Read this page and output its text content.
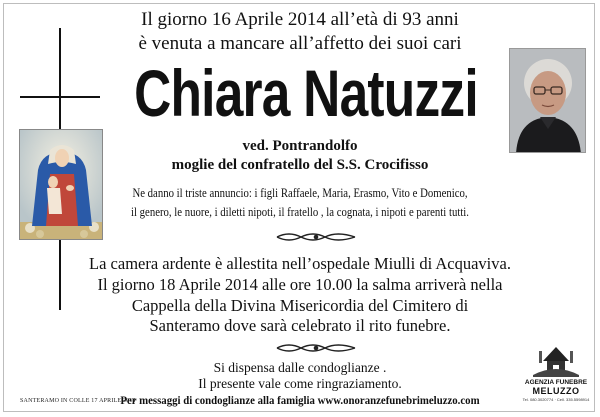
Il giorno 16 Aprile 2014 all’età di 93 anni
è venuta a mancare all’affetto dei suoi cari
Chiara Natuzzi
ved. Pontrandolfo
moglie del confratello del S.S. Crocifisso
Ne danno il triste annuncio: i figli Raffaele, Maria, Erasmo, Vito e Domenico,
il genero, le nuore, i diletti nipoti, il fratello , la cognata, i nipoti e parenti tutti.
La camera ardente è allestita nell’ospedale Miulli di Acquaviva.
Il giorno 18 Aprile 2014 alle ore 10.00 la salma arriverà nella
Cappella della Divina Misericordia del Cimitero di
Santeramo dove sarà celebrato il rito funebre.
Si dispensa dalle condoglianze .
Il presente vale come ringraziamento.
Per messaggi di condoglianze alla famiglia www.onoranzefunebrimeluzzo.com
SANTERAMO IN COLLE 17 APRILE 2014
AGENZIA FUNEBRE
MELUZZO
Tel. 080.3020774 · Cell. 335.5598914
